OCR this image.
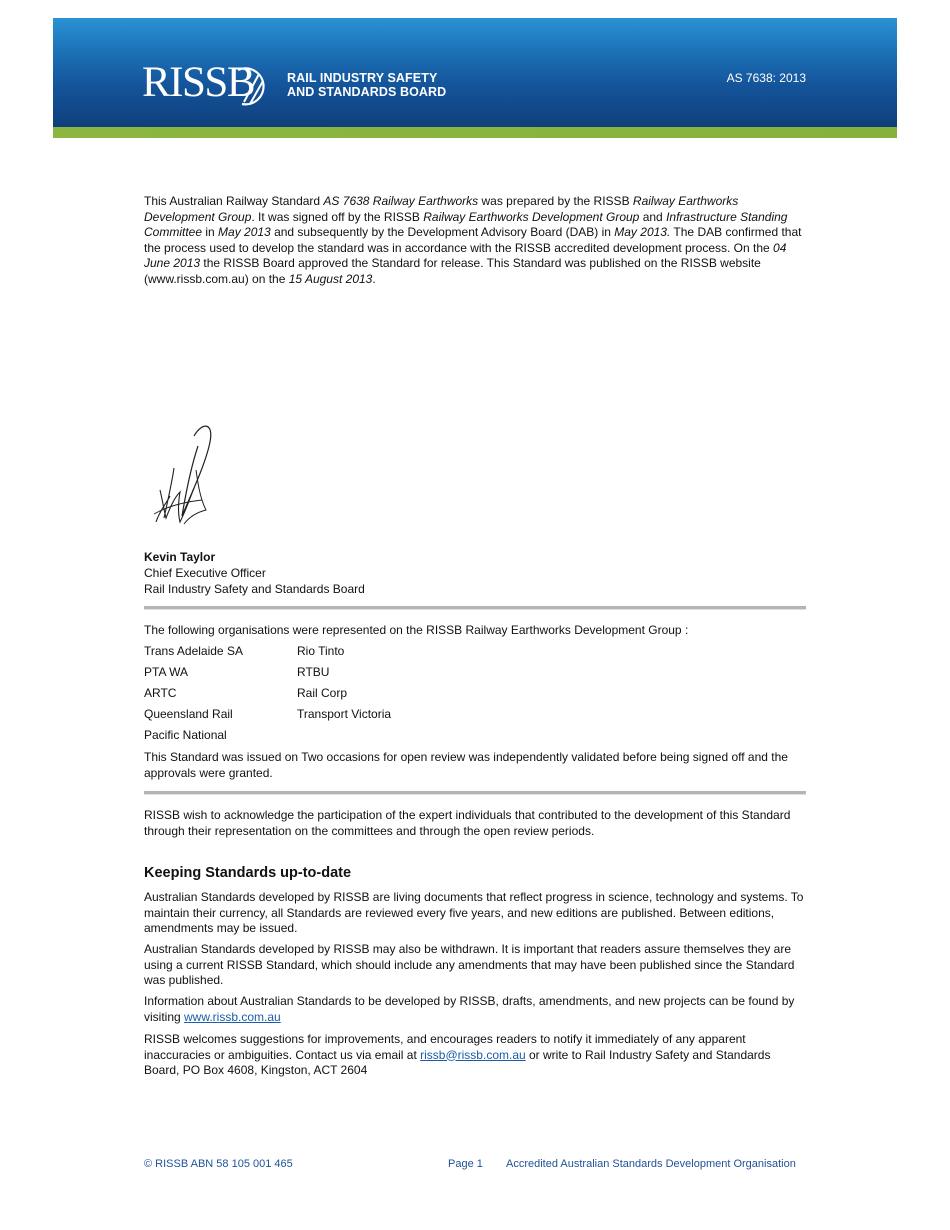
RISSB	RAIL INDUSTRY SAFETY
AND STANDARDS BOARD
AS 7638: 2013

This Australian Railway Standard AS 7638 Railway Earthworks was prepared by the RISSB Railway Earthworks Development Group. It was signed off by the RISSB Railway Earthworks Development Group and Infrastructure Standing Committee in May 2013 and subsequently by the Development Advisory Board (DAB) in May 2013. The DAB confirmed that the process used to develop the standard was in accordance with the RISSB accredited development process. On the 04 June 2013 the RISSB Board approved the Standard for release. This Standard was published on the RISSB website (www.rissb.com.au) on the 15 August 2013.

Kevin Taylor
Chief Executive Officer
Rail Industry Safety and Standards Board
The following organisations were represented on the RISSB Railway Earthworks Development Group :
Trans Adelaide SA
PTA WA
ARTC
Queensland Rail
Pacific National
Rio Tinto
RTBU
Rail Corp
Transport Victoria

This Standard was issued on Two occasions for open review was independently validated before being signed off and the approvals were granted.

RISSB wish to acknowledge the participation of the expert individuals that contributed to the development of this Standard through their representation on the committees and through the open review periods.

Keeping Standards up-to-date

Australian Standards developed by RISSB are living documents that reflect progress in science, technology and systems. To maintain their currency, all Standards are reviewed every five years, and new editions are published. Between editions, amendments may be issued.

Australian Standards developed by RISSB may also be withdrawn. It is important that readers assure themselves they are using a current RISSB Standard, which should include any amendments that may have been published since the Standard was published.

Information about Australian Standards to be developed by RISSB, drafts, amendments, and new projects can be found by visiting www.rissb.com.au

RISSB welcomes suggestions for improvements, and encourages readers to notify it immediately of any apparent inaccuracies or ambiguities. Contact us via email at rissb@rissb.com.au or write to Rail Industry Safety and Standards Board, PO Box 4608, Kingston, ACT 2604

© RISSB ABN 58 105 001 465	Page 1 Accredited Australian Standards Development Organisation
